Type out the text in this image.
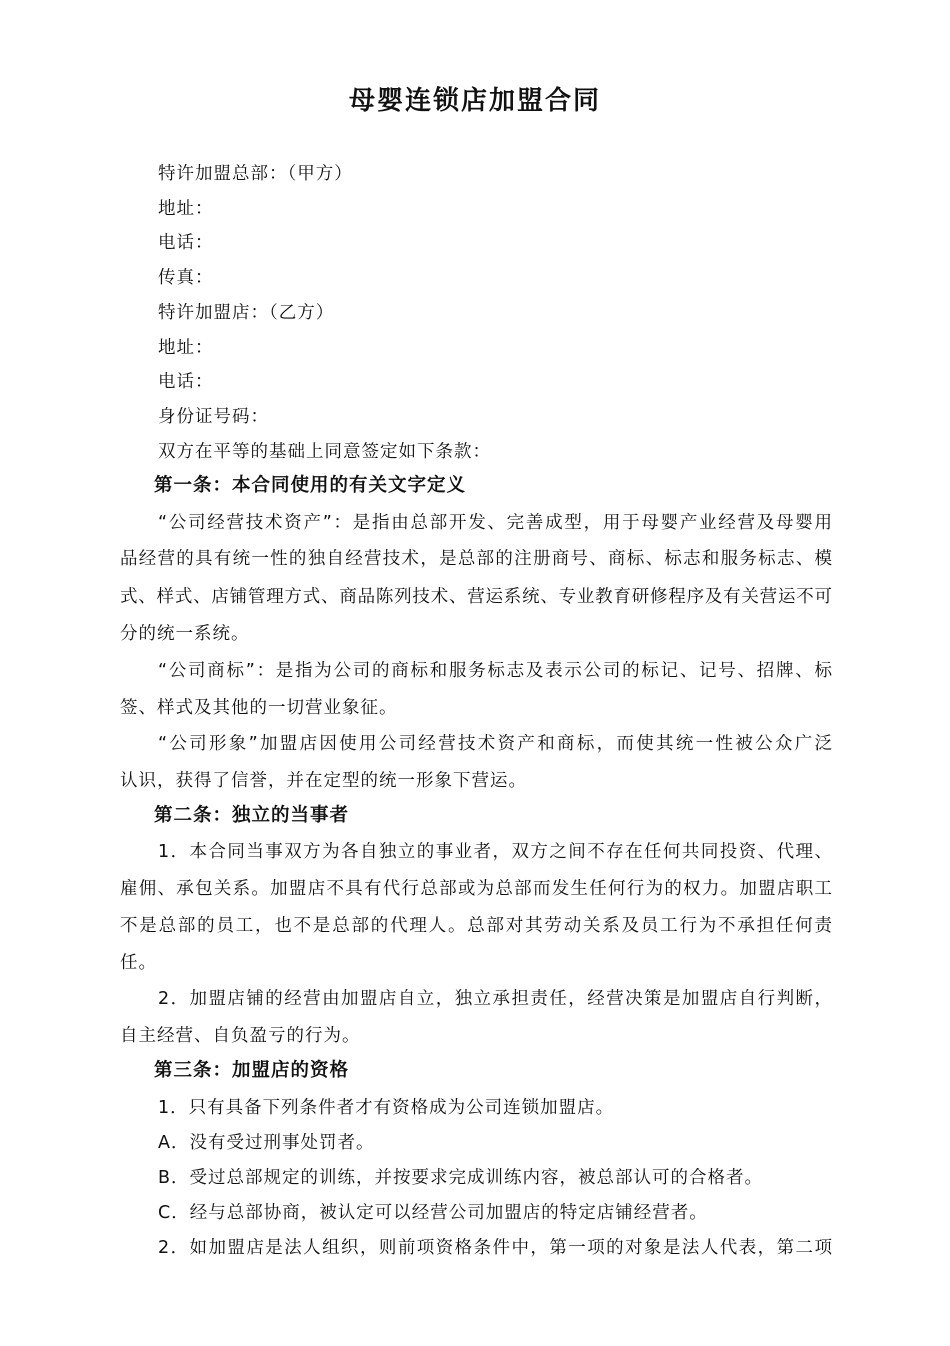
母婴连锁店加盟合同
特许加盟总部：（甲方）
地址：
电话：
传真：
特许加盟店：（乙方）
地址：
电话：
身份证号码：
双方在平等的基础上同意签定如下条款：
第一条：本合同使用的有关文字定义
“公司经营技术资产”：是指由总部开发、完善成型，用于母婴产业经营及母婴用
品经营的具有统一性的独自经营技术，是总部的注册商号、商标、标志和服务标志、模
式、样式、店铺管理方式、商品陈列技术、营运系统、专业教育研修程序及有关营运不可
分的统一系统。
“公司商标”：是指为公司的商标和服务标志及表示公司的标记、记号、招牌、标
签、样式及其他的一切营业象征。
“公司形象”加盟店因使用公司经营技术资产和商标，而使其统一性被公众广泛
认识，获得了信誉，并在定型的统一形象下营运。
第二条：独立的当事者
1．本合同当事双方为各自独立的事业者，双方之间不存在任何共同投资、代理、
雇佣、承包关系。加盟店不具有代行总部或为总部而发生任何行为的权力。加盟店职工
不是总部的员工，也不是总部的代理人。总部对其劳动关系及员工行为不承担任何责
任。
2．加盟店铺的经营由加盟店自立，独立承担责任，经营决策是加盟店自行判断，
自主经营、自负盈亏的行为。
第三条：加盟店的资格
1．只有具备下列条件者才有资格成为公司连锁加盟店。
A．没有受过刑事处罚者。
B．受过总部规定的训练，并按要求完成训练内容，被总部认可的合格者。
C．经与总部协商，被认定可以经营公司加盟店的特定店铺经营者。
2．如加盟店是法人组织，则前项资格条件中，第一项的对象是法人代表，第二项
